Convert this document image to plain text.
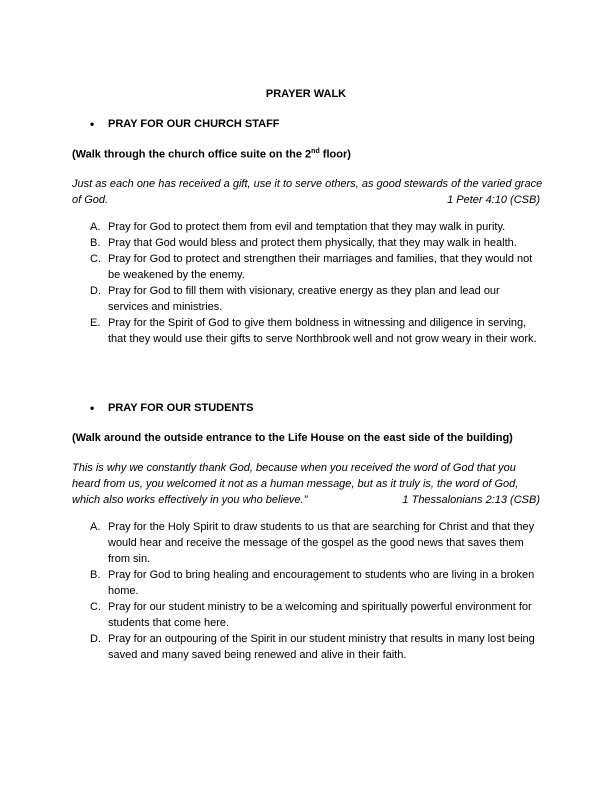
PRAYER WALK
• PRAY FOR OUR CHURCH STAFF
(Walk through the church office suite on the 2nd floor)
Just as each one has received a gift, use it to serve others, as good stewards of the varied grace
of God.	1 Peter 4:10 (CSB)
A. Pray for God to protect them from evil and temptation that they may walk in purity.
B. Pray that God would bless and protect them physically, that they may walk in health.
C. Pray for God to protect and strengthen their marriages and families, that they would not be weakened by the enemy.
D. Pray for God to fill them with visionary, creative energy as they plan and lead our services and ministries.
E. Pray for the Spirit of God to give them boldness in witnessing and diligence in serving, that they would use their gifts to serve Northbrook well and not grow weary in their work.
• PRAY FOR OUR STUDENTS
(Walk around the outside entrance to the Life House on the east side of the building)
This is why we constantly thank God, because when you received the word of God that you
heard from us, you welcomed it not as a human message, but as it truly is, the word of God,
which also works effectively in you who believe.”	1 Thessalonians 2:13 (CSB)
A. Pray for the Holy Spirit to draw students to us that are searching for Christ and that they would hear and receive the message of the gospel as the good news that saves them from sin.
B. Pray for God to bring healing and encouragement to students who are living in a broken home.
C. Pray for our student ministry to be a welcoming and spiritually powerful environment for students that come here.
D. Pray for an outpouring of the Spirit in our student ministry that results in many lost being saved and many saved being renewed and alive in their faith.
